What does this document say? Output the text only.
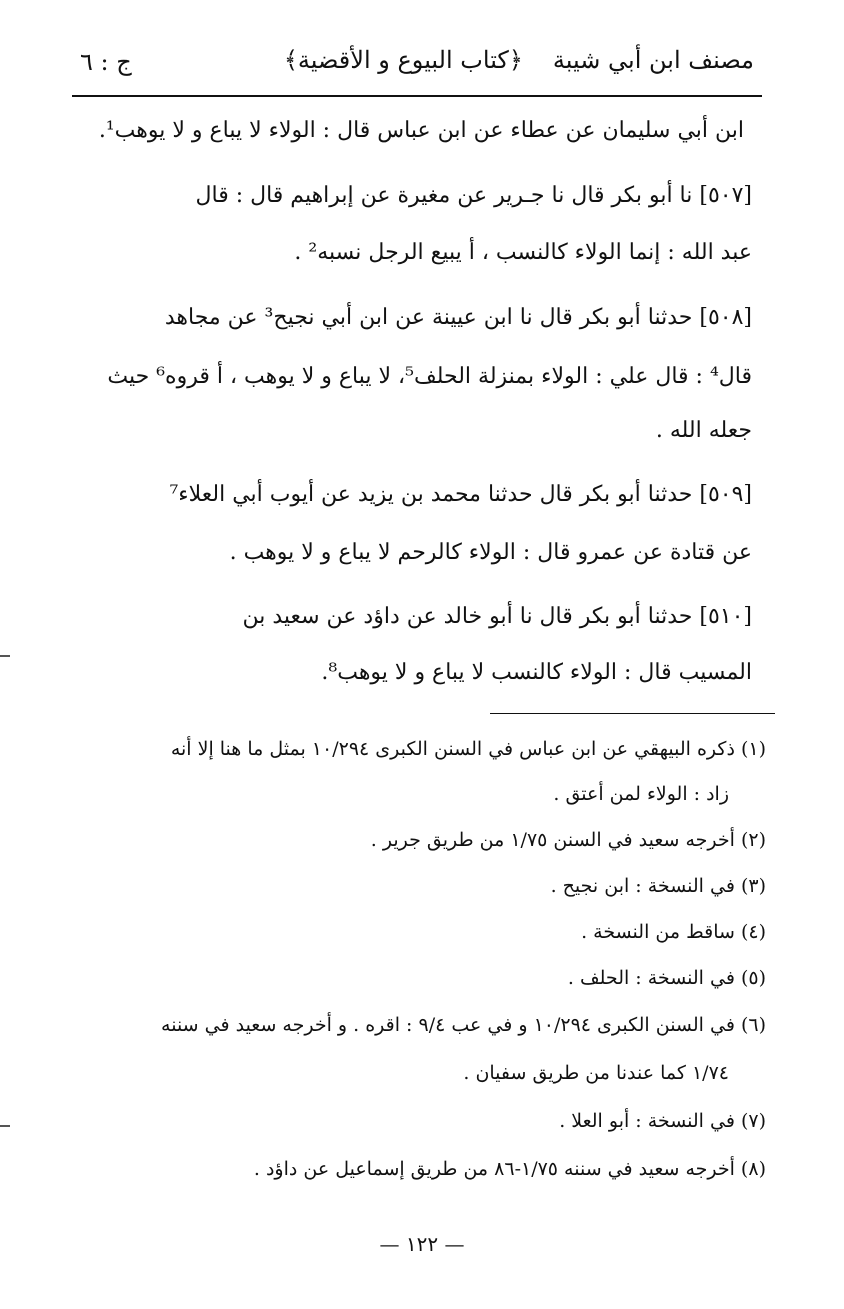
مصنف ابن أبي شيبة﴿كتاب البيوع و الأقضية﴾
ج : ٦
ابن أبي سليمان عن عطاء عن ابن عباس قال : الولاء لا يباع و لا يوهب¹.
[٥٠٧] نا أبو بكر قال نا جـرير عن مغيرة عن إبراهيم قال : قال
عبد الله : إنما الولاء كالنسب ، أ يبيع الرجل نسبه² .
[٥٠٨] حدثنا أبو بكر قال نا ابن عيينة عن ابن أبي نجيح³ عن مجاهد
قال⁴ : قال علي : الولاء بمنزلة الحلف⁵، لا يباع و لا يوهب ، أ قروه⁶ حيث
جعله الله .
[٥٠٩] حدثنا أبو بكر قال حدثنا محمد بن يزيد عن أيوب أبي العلاء⁷
عن قتادة عن عمرو قال : الولاء كالرحم لا يباع و لا يوهب .
[٥١٠] حدثنا أبو بكر قال نا أبو خالد عن داؤد عن سعيد بن
المسيب قال : الولاء كالنسب لا يباع و لا يوهب⁸.
(١) ذكره البيهقي عن ابن عباس في السنن الكبرى ١٠/٢٩٤ بمثل ما هنا إلا أنه
زاد : الولاء لمن أعتق .
(٢) أخرجه سعيد في السنن ١/٧٥ من طريق جرير .
(٣) في النسخة : ابن نجيح .
(٤) ساقط من النسخة .
(٥) في النسخة : الحلف .
(٦) في السنن الكبرى ١٠/٢٩٤ و في عب ٩/٤ : اقره . و أخرجه سعيد في سننه
١/٧٤ كما عندنا من طريق سفيان .
(٧) في النسخة : أبو العلا .
(٨) أخرجه سعيد في سننه ١/٧٥-٨٦ من طريق إسماعيل عن داؤد .
— ١٢٢ —
